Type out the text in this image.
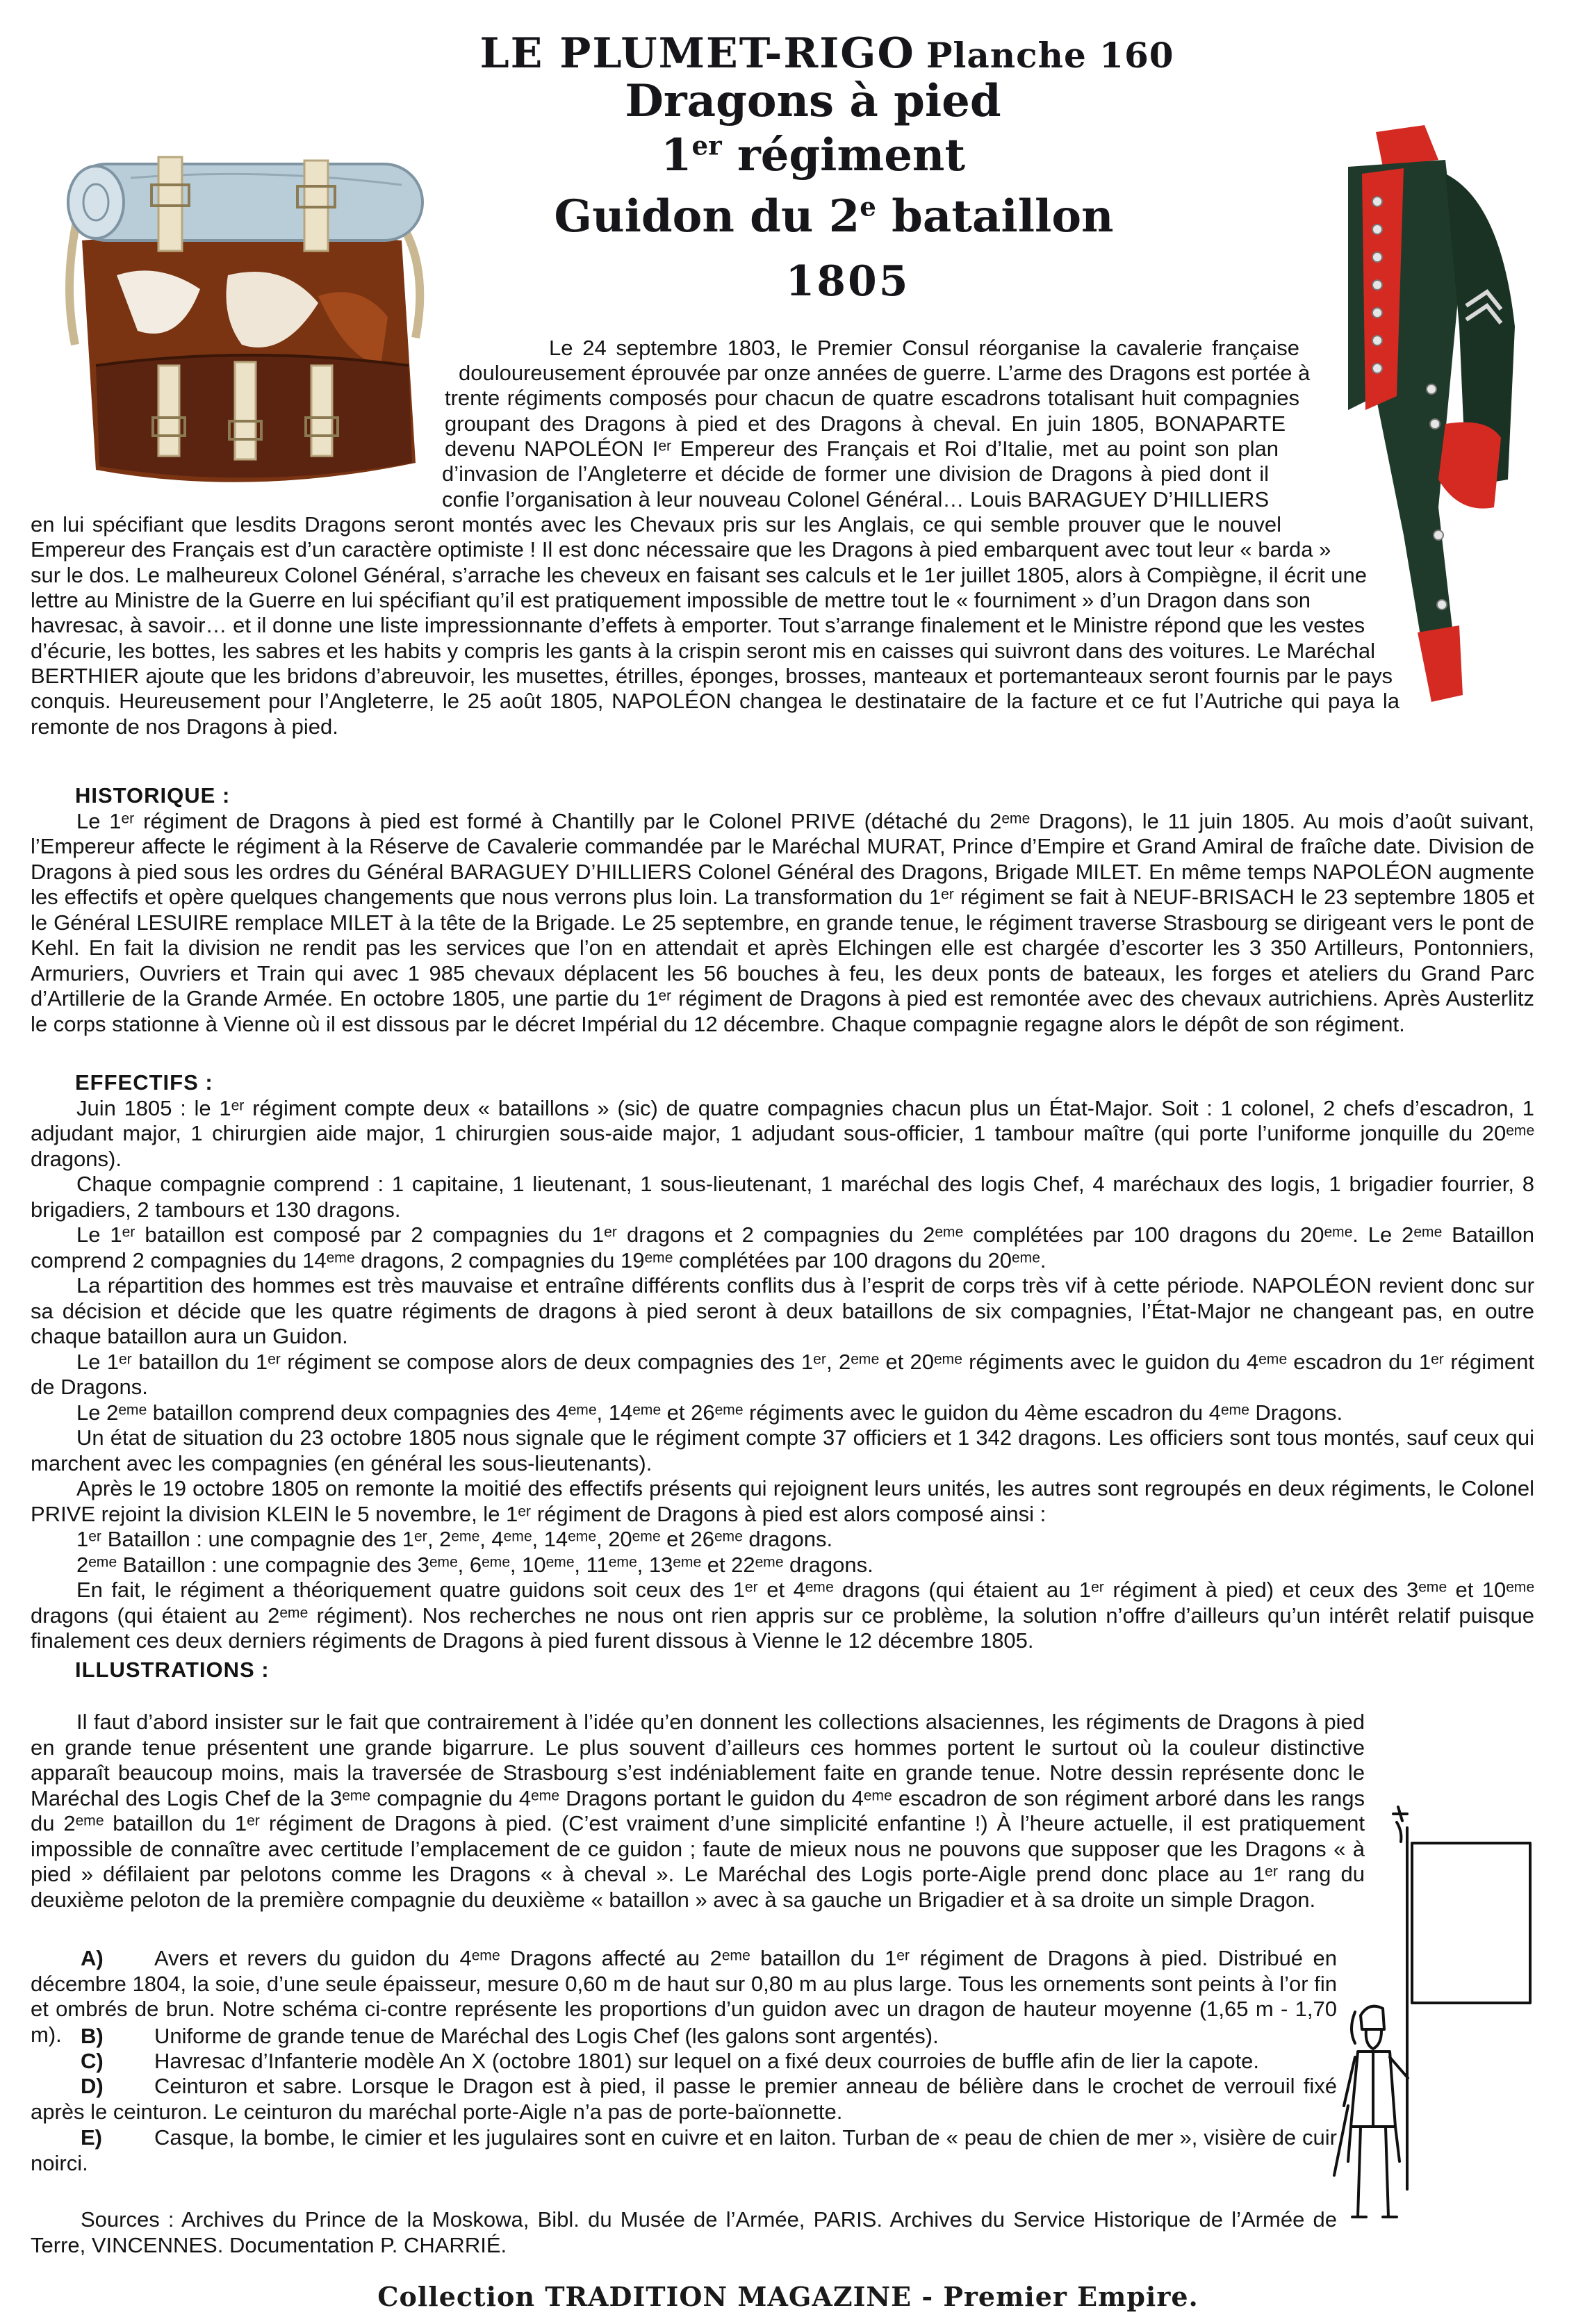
LE PLUMET-RIGO Planche 160
Dragons à pied
1er régiment
Guidon du 2e bataillon
1805
Le 24 septembre 1803, le Premier Consul réorganise la cavalerie française
douloureusement éprouvée par onze années de guerre. L’arme des Dragons est portée à
trente régiments composés pour chacun de quatre escadrons totalisant huit compagnies
groupant des Dragons à pied et des Dragons à cheval. En juin 1805, BONAPARTE
devenu NAPOLÉON Iᵉʳ Empereur des Français et Roi d’Italie, met au point son plan
d’invasion de l’Angleterre et décide de former une division de Dragons à pied dont il
confie l’organisation à leur nouveau Colonel Général… Louis BARAGUEY D’HILLIERS
en lui spécifiant que lesdits Dragons seront montés avec les Chevaux pris sur les Anglais, ce qui semble prouver que le nouvel
Empereur des Français est d’un caractère optimiste ! Il est donc nécessaire que les Dragons à pied embarquent avec tout leur « barda »
sur le dos. Le malheureux Colonel Général, s’arrache les cheveux en faisant ses calculs et le 1er juillet 1805, alors à Compiègne, il écrit une
lettre au Ministre de la Guerre en lui spécifiant qu’il est pratiquement impossible de mettre tout le « fourniment » d’un Dragon dans son
havresac, à savoir… et il donne une liste impressionnante d’effets à emporter. Tout s’arrange finalement et le Ministre répond que les vestes
d’écurie, les bottes, les sabres et les habits y compris les gants à la crispin seront mis en caisses qui suivront dans des voitures. Le Maréchal
BERTHIER ajoute que les bridons d’abreuvoir, les musettes, étrilles, éponges, brosses, manteaux et portemanteaux seront fournis par le pays
conquis. Heureusement pour l’Angleterre, le 25 août 1805, NAPOLÉON changea le destinataire de la facture et ce fut l’Autriche qui paya la
remonte de nos Dragons à pied.

HISTORIQUE :

Le 1ᵉʳ régiment de Dragons à pied est formé à Chantilly par le Colonel PRIVE (détaché du 2ᵉᵐᵉ Dragons), le 11 juin 1805. Au mois d’août suivant, l’Empereur affecte le régiment à la Réserve de Cavalerie commandée par le Maréchal MURAT, Prince d’Empire et Grand Amiral de fraîche date. Division de Dragons à pied sous les ordres du Général BARAGUEY D’HILLIERS Colonel Général des Dragons, Brigade MILET. En même temps NAPOLÉON augmente les effectifs et opère quelques changements que nous verrons plus loin. La transformation du 1ᵉʳ régiment se fait à NEUF-BRISACH le 23 septembre 1805 et le Général LESUIRE remplace MILET à la tête de la Brigade. Le 25 septembre, en grande tenue, le régiment traverse Strasbourg se dirigeant vers le pont de Kehl. En fait la division ne rendit pas les services que l’on en attendait et après Elchingen elle est chargée d’escorter les 3 350 Artilleurs, Pontonniers, Armuriers, Ouvriers et Train qui avec 1 985 chevaux déplacent les 56 bouches à feu, les deux ponts de bateaux, les forges et ateliers du Grand Parc d’Artillerie de la Grande Armée. En octobre 1805, une partie du 1ᵉʳ régiment de Dragons à pied est remontée avec des chevaux autrichiens. Après Austerlitz le corps stationne à Vienne où il est dissous par le décret Impérial du 12 décembre. Chaque compagnie regagne alors le dépôt de son régiment.

EFFECTIFS :

Juin 1805 : le 1ᵉʳ régiment compte deux « bataillons » (sic) de quatre compagnies chacun plus un État-Major. Soit : 1 colonel, 2 chefs d’escadron, 1 adjudant major, 1 chirurgien aide major, 1 chirurgien sous-aide major, 1 adjudant sous-officier, 1 tambour maître (qui porte l’uniforme jonquille du 20ᵉᵐᵉ dragons).

Chaque compagnie comprend : 1 capitaine, 1 lieutenant, 1 sous-lieutenant, 1 maréchal des logis Chef, 4 maréchaux des logis, 1 brigadier fourrier, 8 brigadiers, 2 tambours et 130 dragons.

Le 1ᵉʳ bataillon est composé par 2 compagnies du 1ᵉʳ dragons et 2 compagnies du 2ᵉᵐᵉ complétées par 100 dragons du 20ᵉᵐᵉ. Le 2ᵉᵐᵉ Bataillon comprend 2 compagnies du 14ᵉᵐᵉ dragons, 2 compagnies du 19ᵉᵐᵉ complétées par 100 dragons du 20ᵉᵐᵉ.

La répartition des hommes est très mauvaise et entraîne différents conflits dus à l’esprit de corps très vif à cette période. NAPOLÉON revient donc sur sa décision et décide que les quatre régiments de dragons à pied seront à deux bataillons de six compagnies, l’État-Major ne changeant pas, en outre chaque bataillon aura un Guidon.

Le 1ᵉʳ bataillon du 1ᵉʳ régiment se compose alors de deux compagnies des 1ᵉʳ, 2ᵉᵐᵉ et 20ᵉᵐᵉ régiments avec le guidon du 4ᵉᵐᵉ escadron du 1ᵉʳ régiment de Dragons.

Le 2ᵉᵐᵉ bataillon comprend deux compagnies des 4ᵉᵐᵉ, 14ᵉᵐᵉ et 26ᵉᵐᵉ régiments avec le guidon du 4ème escadron du 4ᵉᵐᵉ Dragons.

Un état de situation du 23 octobre 1805 nous signale que le régiment compte 37 officiers et 1 342 dragons. Les officiers sont tous montés, sauf ceux qui marchent avec les compagnies (en général les sous-lieutenants).

Après le 19 octobre 1805 on remonte la moitié des effectifs présents qui rejoignent leurs unités, les autres sont regroupés en deux régiments, le Colonel PRIVE rejoint la division KLEIN le 5 novembre, le 1ᵉʳ régiment de Dragons à pied est alors composé ainsi :

1ᵉʳ Bataillon : une compagnie des 1ᵉʳ, 2ᵉᵐᵉ, 4ᵉᵐᵉ, 14ᵉᵐᵉ, 20ᵉᵐᵉ et 26ᵉᵐᵉ dragons.

2ᵉᵐᵉ Bataillon : une compagnie des 3ᵉᵐᵉ, 6ᵉᵐᵉ, 10ᵉᵐᵉ, 11ᵉᵐᵉ, 13ᵉᵐᵉ et 22ᵉᵐᵉ dragons.

En fait, le régiment a théoriquement quatre guidons soit ceux des 1ᵉʳ et 4ᵉᵐᵉ dragons (qui étaient au 1ᵉʳ régiment à pied) et ceux des 3ᵉᵐᵉ et 10ᵉᵐᵉ dragons (qui étaient au 2ᵉᵐᵉ régiment). Nos recherches ne nous ont rien appris sur ce problème, la solution n’offre d’ailleurs qu’un intérêt relatif puisque finalement ces deux derniers régiments de Dragons à pied furent dissous à Vienne le 12 décembre 1805.

ILLUSTRATIONS :

Il faut d’abord insister sur le fait que contrairement à l’idée qu’en donnent les collections alsaciennes, les régiments de Dragons à pied en grande tenue présentent une grande bigarrure. Le plus souvent d’ailleurs ces hommes portent le surtout où la couleur distinctive apparaît beaucoup moins, mais la traversée de Strasbourg s’est indéniablement faite en grande tenue. Notre dessin représente donc le Maréchal des Logis Chef de la 3ᵉᵐᵉ compagnie du 4ᵉᵐᵉ Dragons portant le guidon du 4ᵉᵐᵉ escadron de son régiment arboré dans les rangs du 2ᵉᵐᵉ bataillon du 1ᵉʳ régiment de Dragons à pied. (C’est vraiment d’une simplicité enfantine !) À l’heure actuelle, il est pratiquement impossible de connaître avec certitude l’emplacement de ce guidon ; faute de mieux nous ne pouvons que supposer que les Dragons « à pied » défilaient par pelotons comme les Dragons « à cheval ». Le Maréchal des Logis porte-Aigle prend donc place au 1ᵉʳ rang du deuxième peloton de la première compagnie du deuxième « bataillon » avec à sa gauche un Brigadier et à sa droite un simple Dragon.
A) Avers et revers du guidon du 4ᵉᵐᵉ Dragons affecté au 2ᵉᵐᵉ bataillon du 1ᵉʳ régiment de Dragons à pied. Distribué en décembre 1804, la soie, d’une seule épaisseur, mesure 0,60 m de haut sur 0,80 m au plus large. Tous les ornements sont peints à l’or fin et ombrés de brun. Notre schéma ci-contre représente les proportions d’un guidon avec un dragon de hauteur moyenne (1,65 m - 1,70 m). B) Uniforme de grande tenue de Maréchal des Logis Chef (les galons sont argentés).
C) Havresac d’Infanterie modèle An X (octobre 1801) sur lequel on a fixé deux courroies de buffle afin de lier la capote.
D) Ceinturon et sabre. Lorsque le Dragon est à pied, il passe le premier anneau de bélière dans le crochet de verrouil fixé après le ceinturon. Le ceinturon du maréchal porte-Aigle n’a pas de porte-baïonnette.
E) Casque, la bombe, le cimier et les jugulaires sont en cuivre et en laiton. Turban de « peau de chien de mer », visière de cuir noirci.
Sources : Archives du Prince de la Moskowa, Bibl. du Musée de l’Armée, PARIS. Archives du Service Historique de l’Armée de Terre, VINCENNES. Documentation P. CHARRIÉ.
Collection TRADITION MAGAZINE - Premier Empire.
